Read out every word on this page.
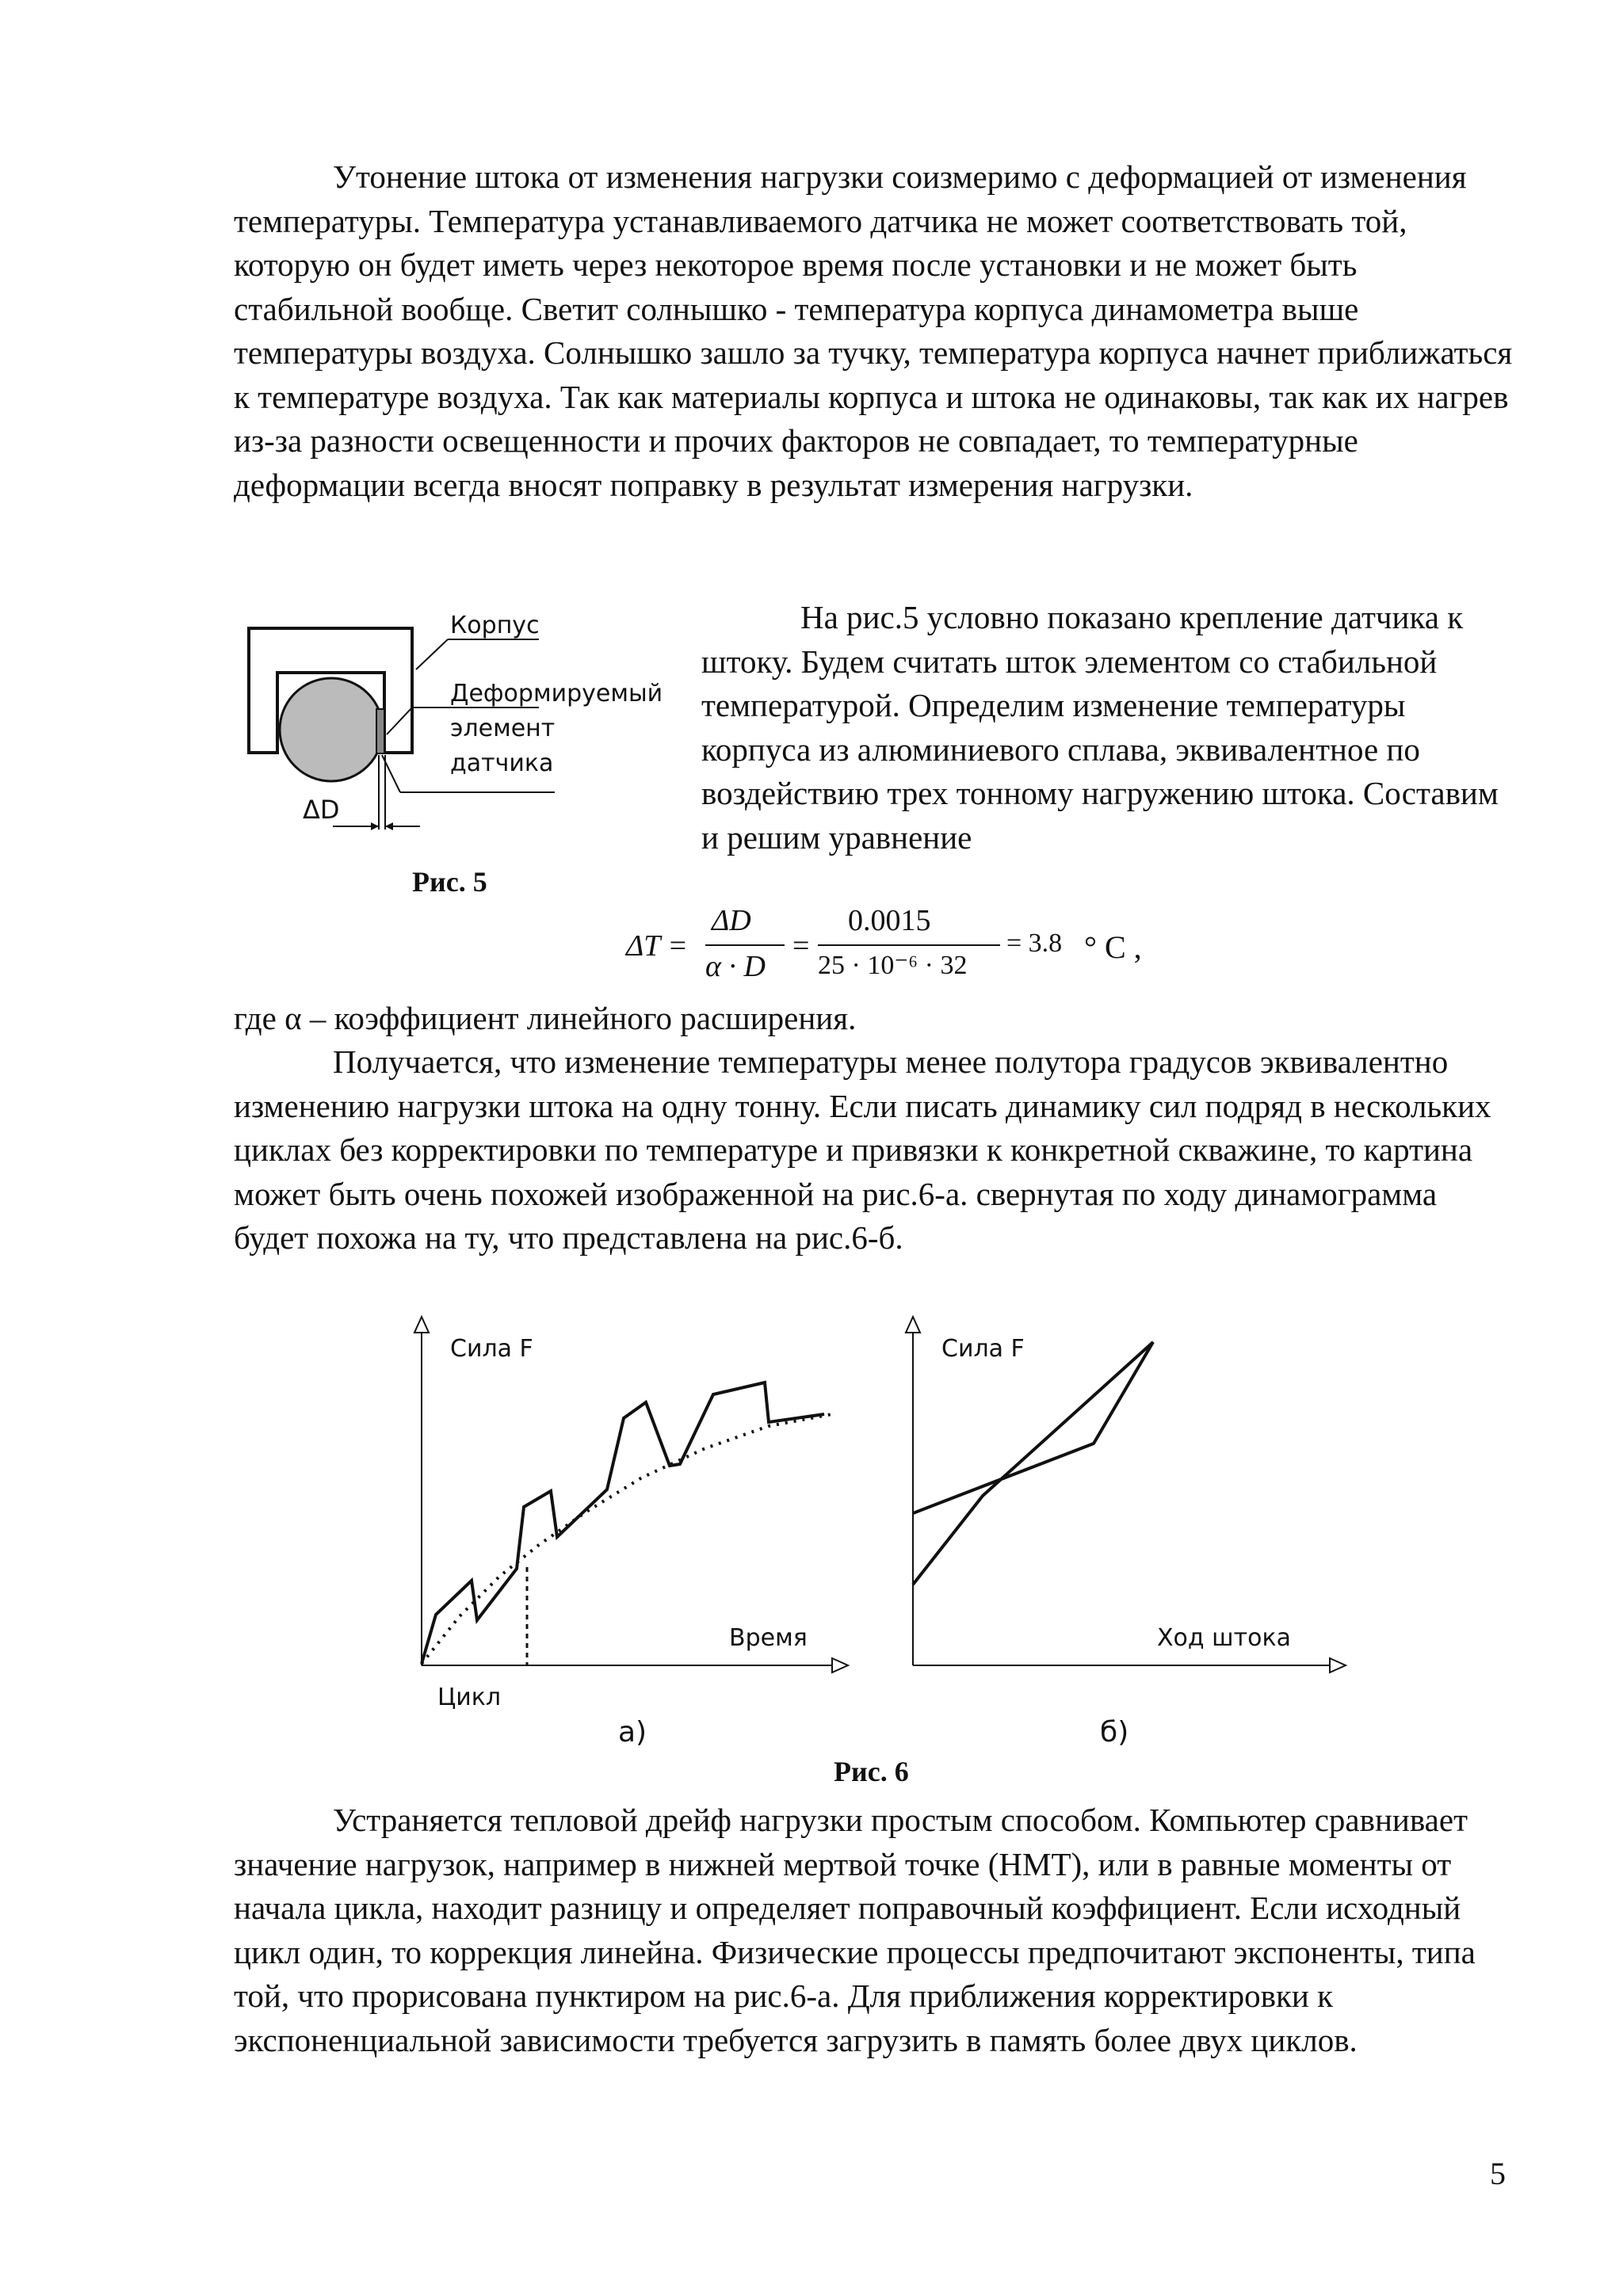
Утонение штока от изменения нагрузки соизмеримо с деформацией от изменения температуры. Температура устанавливаемого датчика не может соответствовать той, которую он будет иметь через некоторое время после установки и не может быть стабильной вообще. Светит солнышко - температура корпуса динамометра выше температуры воздуха. Солнышко зашло за тучку, температура корпуса начнет приближаться к температуре воздуха. Так как материалы корпуса и штока не одинаковы, так как их нагрев из-за разности освещенности и прочих факторов не совпадает, то температурные деформации всегда вносят поправку в результат измерения нагрузки.

Корпус
Деформируемый
элемент
датчика
ΔD

Рис. 5

На рис.5 условно показано крепление датчика к штоку. Будем считать шток элементом со стабильной температурой. Определим изменение температуры корпуса из алюминиевого сплава, эквивалентное по воздействию трех тонному нагружению штока. Составим и решим уравнение

ΔT =
ΔD
α · D
=
0.0015
25 · 10⁻⁶ · 32
= 3.8 ° C ,

где α – коэффициент линейного расширения.

Получается, что изменение температуры менее полутора градусов эквивалентно изменению нагрузки штока на одну тонну. Если писать динамику сил подряд в нескольких циклах без корректировки по температуре и привязки к конкретной скважине, то картина может быть очень похожей изображенной на рис.6-а. свернутая по ходу динамограмма будет похожа на ту, что представлена на рис.6-б.

Сила F
Время
Цикл
а)
Сила F
Ход штока
б)

Рис. 6

Устраняется тепловой дрейф нагрузки простым способом. Компьютер сравнивает значение нагрузок, например в нижней мертвой точке (НМТ), или в равные моменты от начала цикла, находит разницу и определяет поправочный коэффициент. Если исходный цикл один, то коррекция линейна. Физические процессы предпочитают экспоненты, типа той, что прорисована пунктиром на рис.6-а. Для приближения корректировки к экспоненциальной зависимости требуется загрузить в память более двух циклов.

5
